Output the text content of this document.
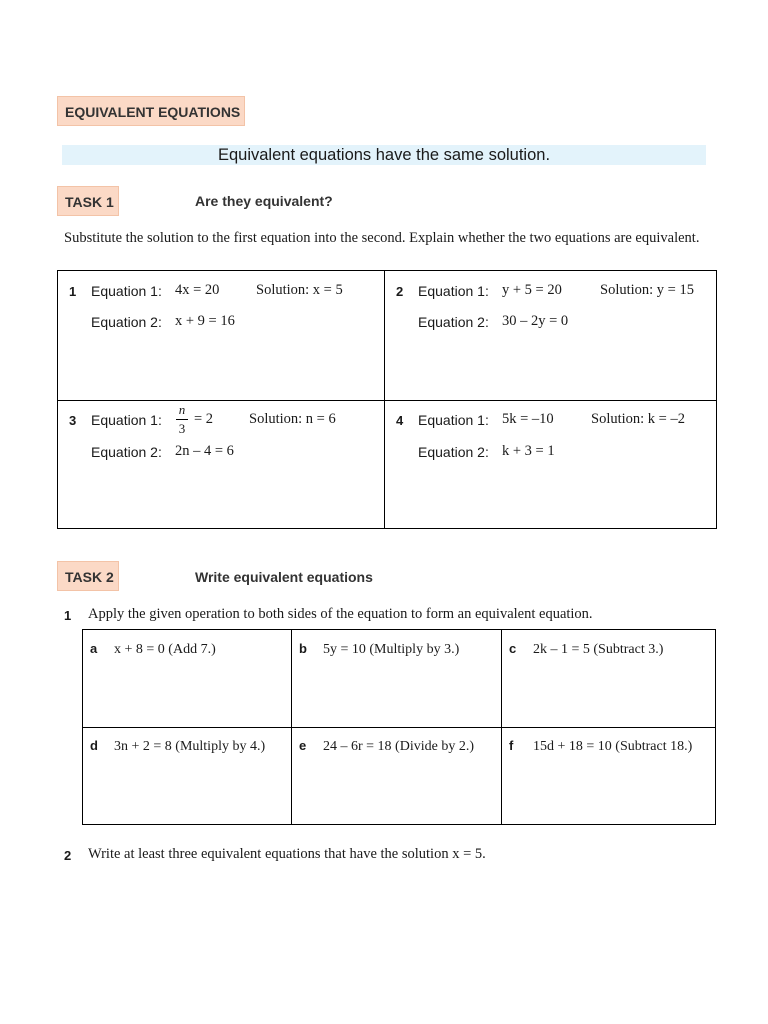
EQUIVALENT EQUATIONS
Equivalent equations have the same solution.
TASK 1	Are they equivalent?
Substitute the solution to the first equation into the second. Explain whether the two equations are equivalent.
1 Equation 1: 4x = 20	Solution: x = 5
Equation 2: x + 9 = 16
2 Equation 1: y + 5 = 20	Solution: y = 15
Equation 2: 30 – 2y = 0
3 Equation 1:
n
3
= 2 Solution: n = 6
Equation 2: 2n – 4 = 6
4 Equation 1: 5k = –10	Solution: k = –2
Equation 2: k + 3 = 1
TASK 2	Write equivalent equations
1 Apply the given operation to both sides of the equation to form an equivalent equation.
a x + 8 = 0 (Add 7.)	b 5y = 10 (Multiply by 3.)	c 2k – 1 = 5 (Subtract 3.)
d 3n + 2 = 8 (Multiply by 4.)	e 24 – 6r = 18 (Divide by 2.)	f 15d + 18 = 10 (Subtract 18.)
2 Write at least three equivalent equations that have the solution x = 5.
